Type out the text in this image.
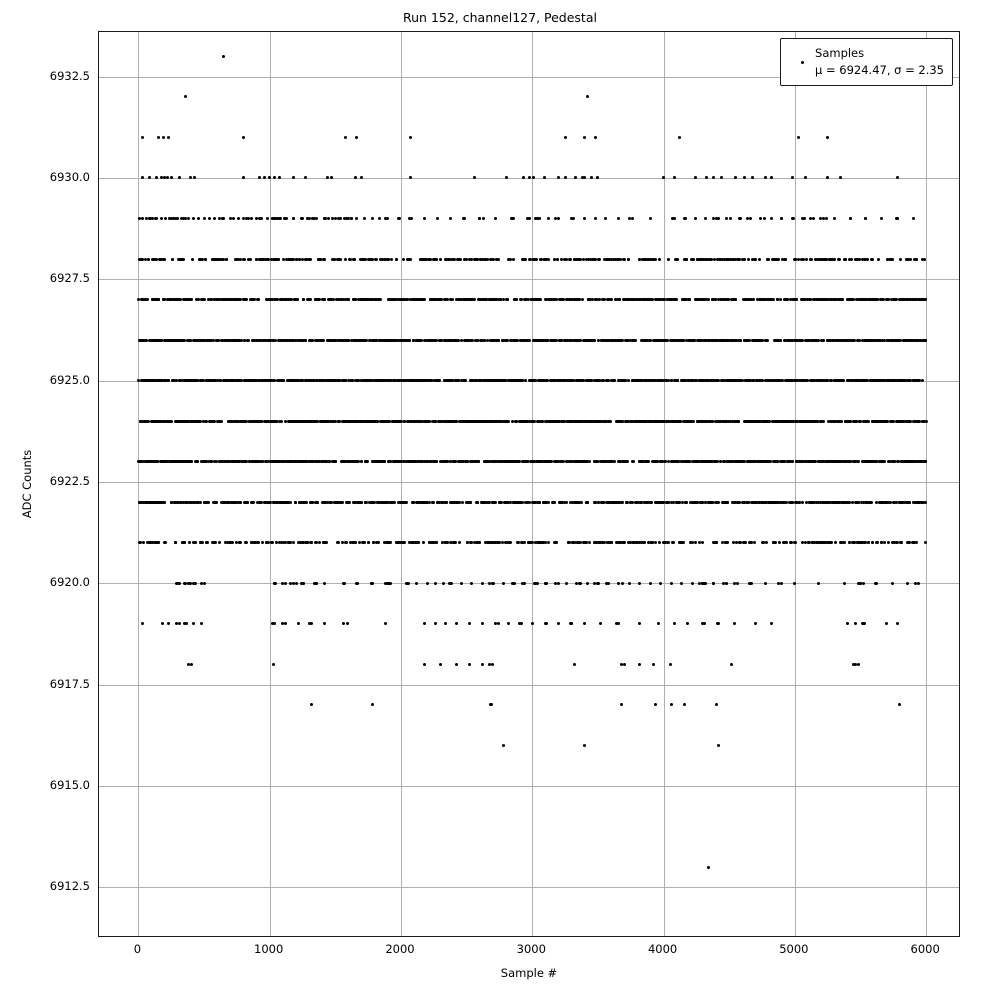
Run 152, channel127, Pedestal
Samples
μ = 6924.47, σ = 2.35
0	1000	2000	3000	4000	5000	6000
6912.5
6915.0
6917.5
6920.0
6922.5
6925.0
6927.5
6930.0
6932.5
Sample #
ADC Counts
